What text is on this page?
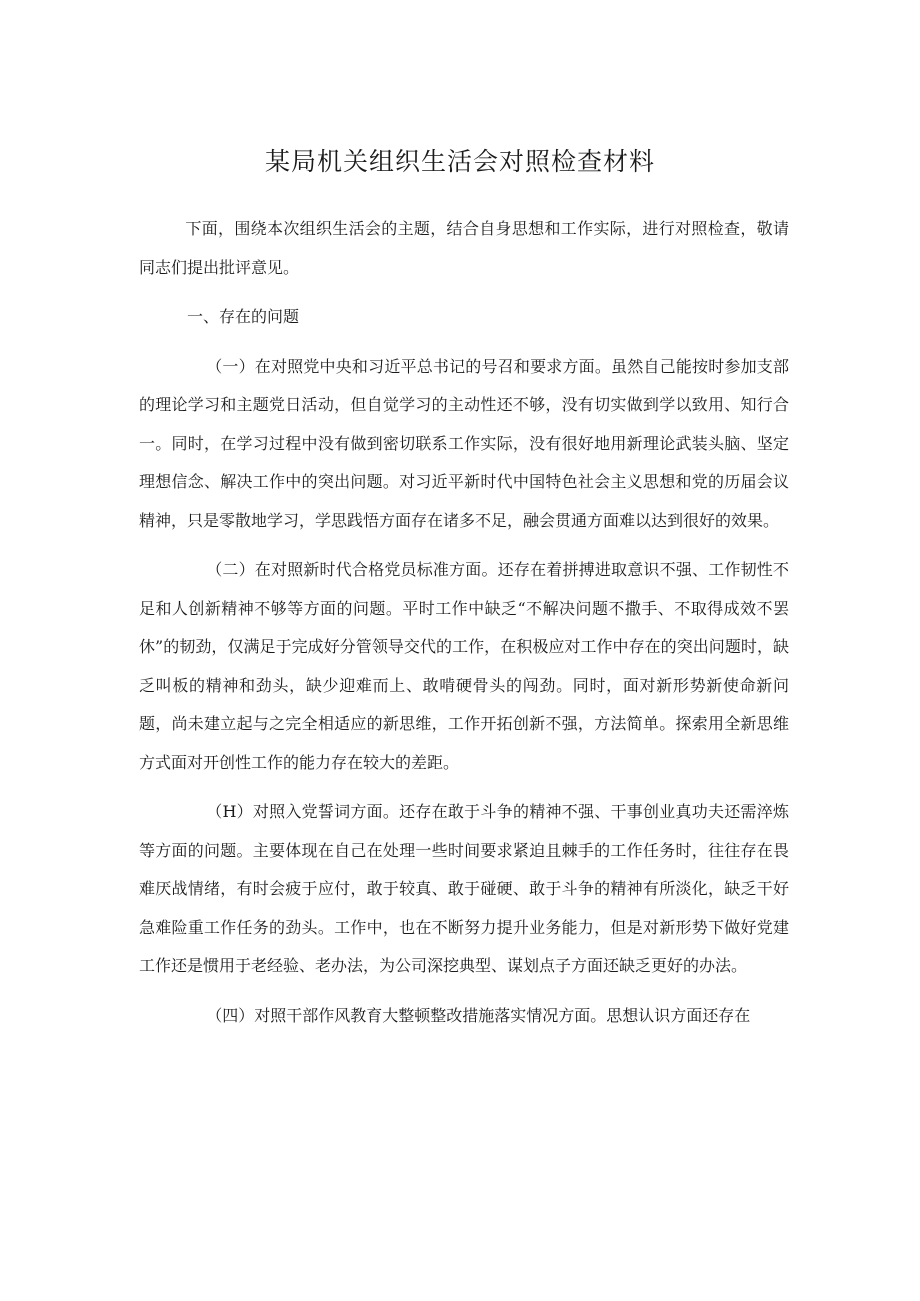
某局机关组织生活会对照检查材料

下面，围绕本次组织生活会的主题，结合自身思想和工作实际，进行对照检查，敬请同志们提出批评意见。

一、存在的问题

（一）在对照党中央和习近平总书记的号召和要求方面。虽然自己能按时参加支部的理论学习和主题党日活动，但自觉学习的主动性还不够，没有切实做到学以致用、知行合一。同时，在学习过程中没有做到密切联系工作实际，没有很好地用新理论武装头脑、坚定理想信念、解决工作中的突出问题。对习近平新时代中国特色社会主义思想和党的历届会议精神，只是零散地学习，学思践悟方面存在诸多不足，融会贯通方面难以达到很好的效果。

（二）在对照新时代合格党员标准方面。还存在着拼搏进取意识不强、工作韧性不足和人创新精神不够等方面的问题。平时工作中缺乏“不解决问题不撒手、不取得成效不罢休”的韧劲，仅满足于完成好分管领导交代的工作，在积极应对工作中存在的突出问题时，缺乏叫板的精神和劲头，缺少迎难而上、敢啃硬骨头的闯劲。同时，面对新形势新使命新问题，尚未建立起与之完全相适应的新思维，工作开拓创新不强，方法简单。探索用全新思维方式面对开创性工作的能力存在较大的差距。

（H）对照入党誓词方面。还存在敢于斗争的精神不强、干事创业真功夫还需淬炼等方面的问题。主要体现在自己在处理一些时间要求紧迫且棘手的工作任务时，往往存在畏难厌战情绪，有时会疲于应付，敢于较真、敢于碰硬、敢于斗争的精神有所淡化，缺乏干好急难险重工作任务的劲头。工作中，也在不断努力提升业务能力，但是对新形势下做好党建工作还是惯用于老经验、老办法，为公司深挖典型、谋划点子方面还缺乏更好的办法。

（四）对照干部作风教育大整顿整改措施落实情况方面。思想认识方面还存在
